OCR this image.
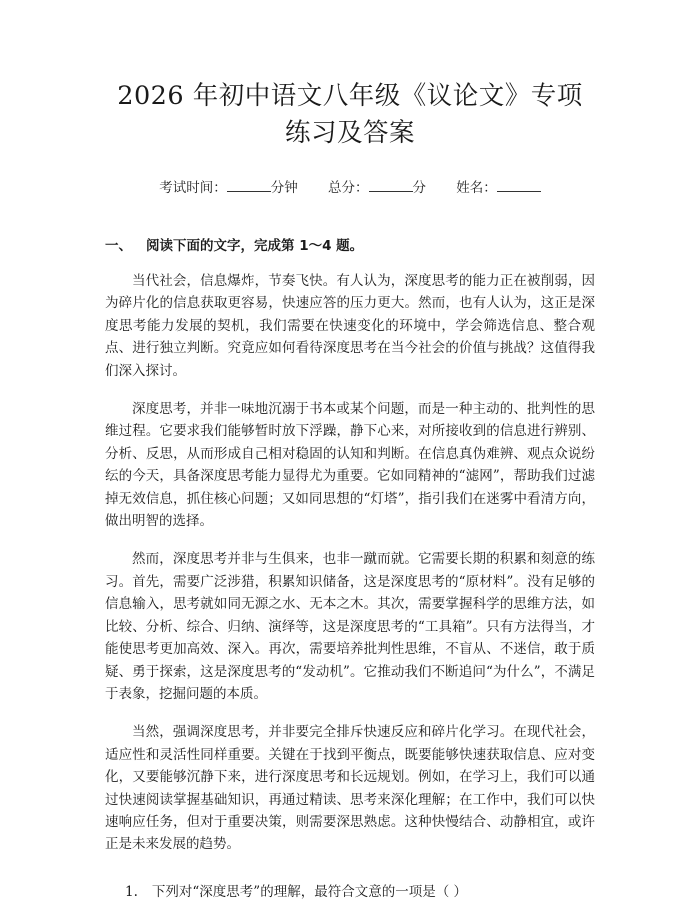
2026 年初中语文八年级《议论文》专项练习及答案
考试时间：	分钟 总分：	分 姓名：
一、 阅读下面的文字，完成第 1～4 题。

当代社会，信息爆炸，节奏飞快。有人认为，深度思考的能力正在被削弱，因为碎片化的信息获取更容易，快速应答的压力更大。然而，也有人认为，这正是深度思考能力发展的契机，我们需要在快速变化的环境中，学会筛选信息、整合观点、进行独立判断。究竟应如何看待深度思考在当今社会的价值与挑战？这值得我们深入探讨。

深度思考，并非一味地沉溺于书本或某个问题，而是一种主动的、批判性的思维过程。它要求我们能够暂时放下浮躁，静下心来，对所接收到的信息进行辨别、分析、反思，从而形成自己相对稳固的认知和判断。在信息真伪难辨、观点众说纷纭的今天，具备深度思考能力显得尤为重要。它如同精神的“滤网”，帮助我们过滤掉无效信息，抓住核心问题；又如同思想的“灯塔”，指引我们在迷雾中看清方向，做出明智的选择。

然而，深度思考并非与生俱来，也非一蹴而就。它需要长期的积累和刻意的练习。首先，需要广泛涉猎，积累知识储备，这是深度思考的“原材料”。没有足够的信息输入，思考就如同无源之水、无本之木。其次，需要掌握科学的思维方法，如比较、分析、综合、归纳、演绎等，这是深度思考的“工具箱”。只有方法得当，才能使思考更加高效、深入。再次，需要培养批判性思维，不盲从、不迷信，敢于质疑、勇于探索，这是深度思考的“发动机”。它推动我们不断追问“为什么”，不满足于表象，挖掘问题的本质。

当然，强调深度思考，并非要完全排斥快速反应和碎片化学习。在现代社会，适应性和灵活性同样重要。关键在于找到平衡点，既要能够快速获取信息、应对变化，又要能够沉静下来，进行深度思考和长远规划。例如，在学习上，我们可以通过快速阅读掌握基础知识，再通过精读、思考来深化理解；在工作中，我们可以快速响应任务，但对于重要决策，则需要深思熟虑。这种快慢结合、动静相宜，或许正是未来发展的趋势。

1. 下列对“深度思考”的理解，最符合文意的一项是（ ）
